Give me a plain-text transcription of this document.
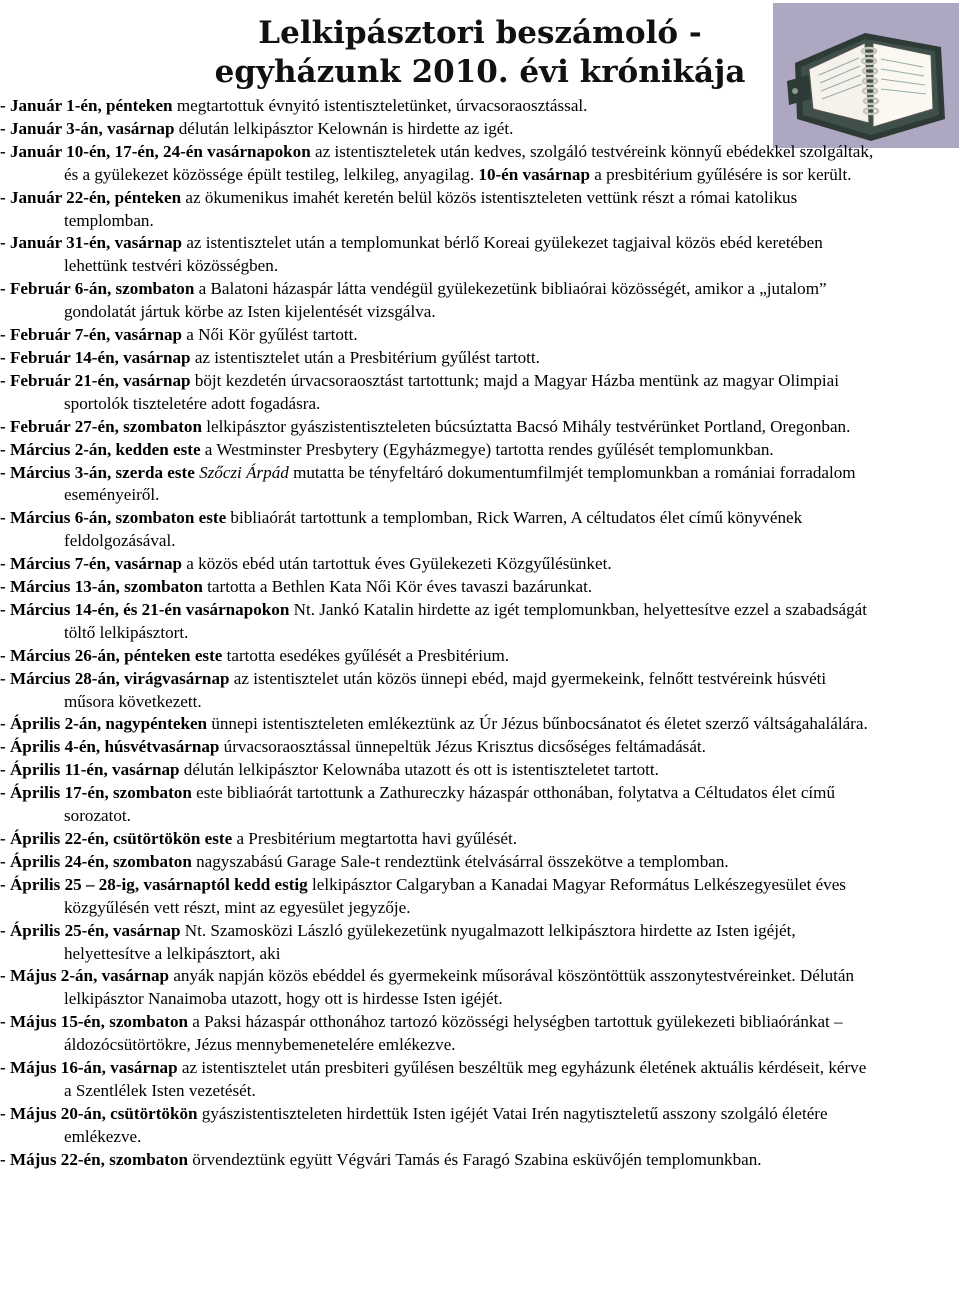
Lelkipásztori beszámoló -
egyházunk 2010. évi krónikája

- Január 1-én, pénteken megtartottuk évnyitó istentiszteletünket, úrvacsoraosztással.

- Január 3-án, vasárnap délután lelkipásztor Kelownán is hirdette az igét.

- Január 10-én, 17-én, 24-én vasárnapokon az istentiszteletek után kedves, szolgáló testvéreink könnyű ebédekkel szolgáltak, és a gyülekezet közössége épült testileg, lelkileg, anyagilag. 10-én vasárnap a presbitérium gyűlésére is sor került.

- Január 22-én, pénteken az ökumenikus imahét keretén belül közös istentiszteleten vettünk részt a római katolikus templomban.

- Január 31-én, vasárnap az istentisztelet után a templomunkat bérlő Koreai gyülekezet tagjaival közös ebéd keretében lehettünk testvéri közösségben.

- Február 6-án, szombaton a Balatoni házaspár látta vendégül gyülekezetünk bibliaórai közösségét, amikor a „jutalom” gondolatát jártuk körbe az Isten kijelentését vizsgálva.

- Február 7-én, vasárnap a Női Kör gyűlést tartott.

- Február 14-én, vasárnap az istentisztelet után a Presbitérium gyűlést tartott.

- Február 21-én, vasárnap böjt kezdetén úrvacsoraosztást tartottunk; majd a Magyar Házba mentünk az magyar Olimpiai sportolók tiszteletére adott fogadásra.

- Február 27-én, szombaton lelkipásztor gyászistentiszteleten búcsúztatta Bacsó Mihály testvérünket Portland, Oregonban.

- Március 2-án, kedden este a Westminster Presbytery (Egyházmegye) tartotta rendes gyűlését templomunkban.

- Március 3-án, szerda este Szőczi Árpád mutatta be tényfeltáró dokumentumfilmjét templomunkban a romániai forradalom eseményeiről.

- Március 6-án, szombaton este bibliaórát tartottunk a templomban, Rick Warren, A céltudatos élet című könyvének feldolgozásával.

- Március 7-én, vasárnap a közös ebéd után tartottuk éves Gyülekezeti Közgyűlésünket.

- Március 13-án, szombaton tartotta a Bethlen Kata Női Kör éves tavaszi bazárunkat.

- Március 14-én, és 21-én vasárnapokon Nt. Jankó Katalin hirdette az igét templomunkban, helyettesítve ezzel a szabadságát töltő lelkipásztort.

- Március 26-án, pénteken este tartotta esedékes gyűlését a Presbitérium.

- Március 28-án, virágvasárnap az istentisztelet után közös ünnepi ebéd, majd gyermekeink, felnőtt testvéreink húsvéti műsora következett.

- Április 2-án, nagypénteken ünnepi istentiszteleten emlékeztünk az Úr Jézus bűnbocsánatot és életet szerző váltságahalálára.

- Április 4-én, húsvétvasárnap úrvacsoraosztással ünnepeltük Jézus Krisztus dicsőséges feltámadását.

- Április 11-én, vasárnap délután lelkipásztor Kelownába utazott és ott is istentiszteletet tartott.

- Április 17-én, szombaton este bibliaórát tartottunk a Zathureczky házaspár otthonában, folytatva a Céltudatos élet című sorozatot.

- Április 22-én, csütörtökön este a Presbitérium megtartotta havi gyűlését.

- Április 24-én, szombaton nagyszabású Garage Sale-t rendeztünk ételvásárral összekötve a templomban.

- Április 25 – 28-ig, vasárnaptól kedd estig lelkipásztor Calgaryban a Kanadai Magyar Református Lelkészegyesület éves közgyűlésén vett részt, mint az egyesület jegyzője.

- Április 25-én, vasárnap Nt. Szamosközi László gyülekezetünk nyugalmazott lelkipásztora hirdette az Isten igéjét, helyettesítve a lelkipásztort, aki

- Május 2-án, vasárnap anyák napján közös ebéddel és gyermekeink műsorával köszöntöttük asszonytestvéreinket. Délután lelkipásztor Nanaimoba utazott, hogy ott is hirdesse Isten igéjét.

- Május 15-én, szombaton a Paksi házaspár otthonához tartozó közösségi helységben tartottuk gyülekezeti bibliaóránkat – áldozócsütörtökre, Jézus mennybemenetelére emlékezve.

- Május 16-án, vasárnap az istentisztelet után presbiteri gyűlésen beszéltük meg egyházunk életének aktuális kérdéseit, kérve a Szentlélek Isten vezetését.

- Május 20-án, csütörtökön gyászistentiszteleten hirdettük Isten igéjét Vatai Irén nagytiszteletű asszony szolgáló életére emlékezve.

- Május 22-én, szombaton örvendeztünk együtt Végvári Tamás és Faragó Szabina esküvőjén templomunkban.
